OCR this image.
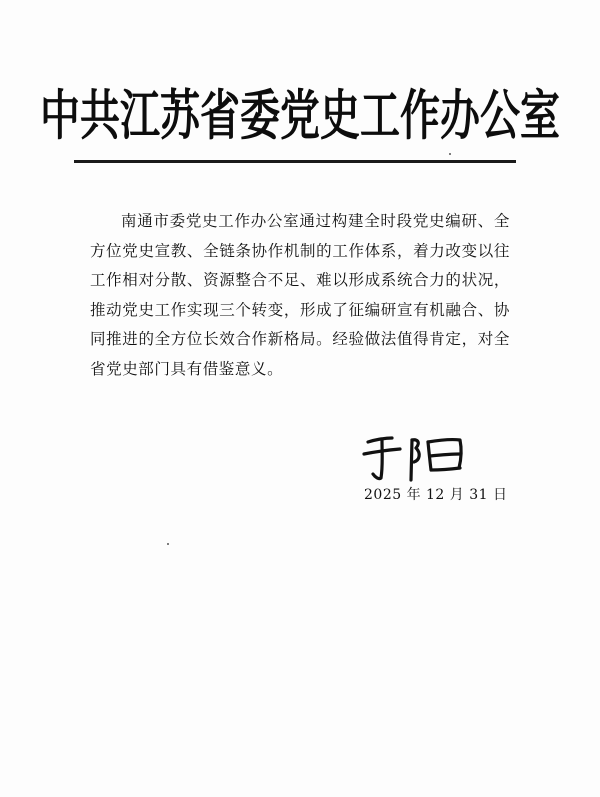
中共江苏省委党史工作办公室

南通市委党史工作办公室通过构建全时段党史编研、全方位党史宣教、全链条协作机制的工作体系，着力改变以往工作相对分散、资源整合不足、难以形成系统合力的状况，推动党史工作实现三个转变，形成了征编研宣有机融合、协同推进的全方位长效合作新格局。经验做法值得肯定，对全省党史部门具有借鉴意义。

2025 年 12 月 31 日
